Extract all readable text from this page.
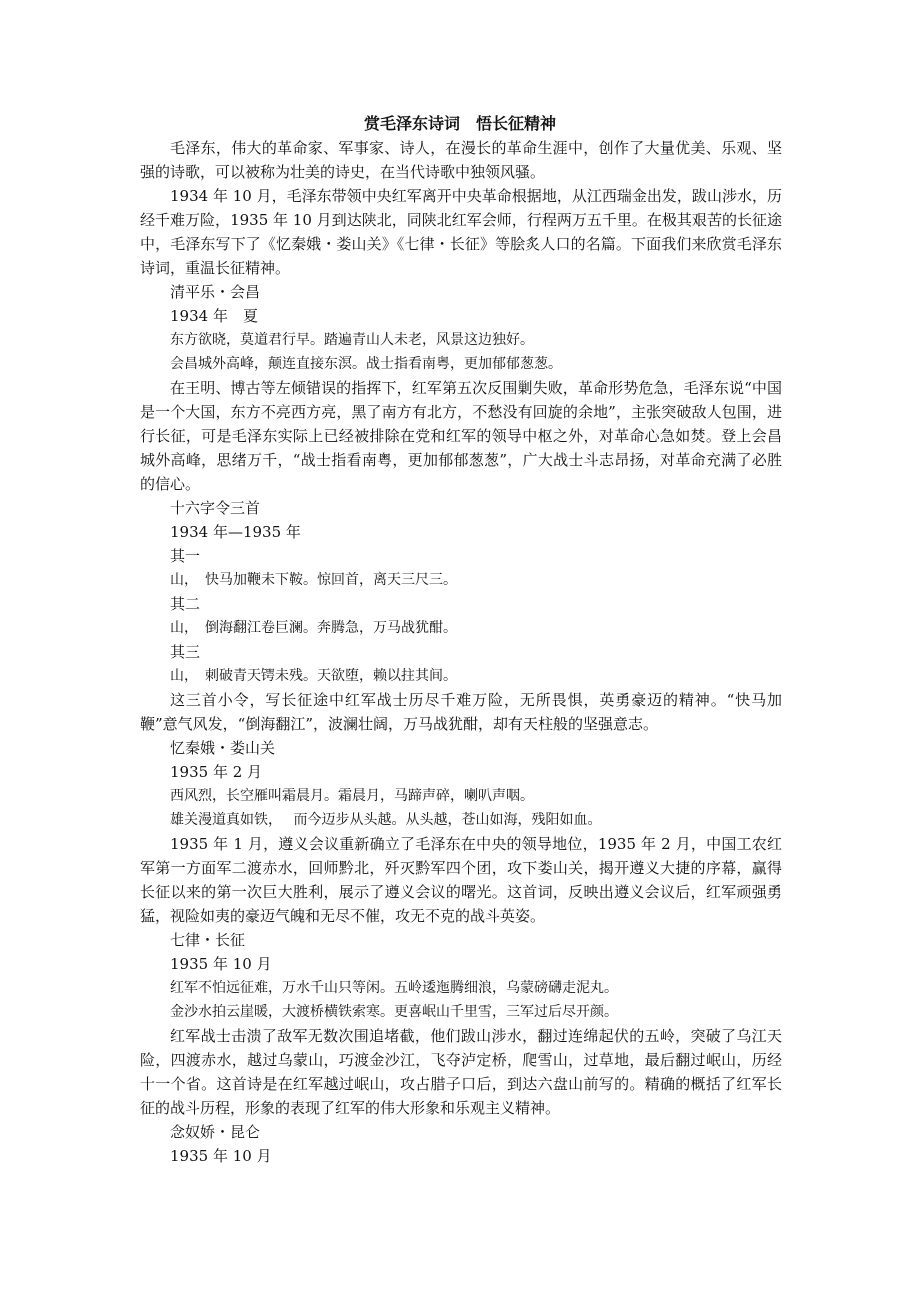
赏毛泽东诗词　悟长征精神

毛泽东，伟大的革命家、军事家、诗人，在漫长的革命生涯中，创作了大量优美、乐观、坚强的诗歌，可以被称为壮美的诗史，在当代诗歌中独领风骚。

1934 年 10 月，毛泽东带领中央红军离开中央革命根据地，从江西瑞金出发，跋山涉水，历经千难万险，1935 年 10 月到达陕北，同陕北红军会师，行程两万五千里。在极其艰苦的长征途中，毛泽东写下了《忆秦娥・娄山关》《七律・长征》等脍炙人口的名篇。下面我们来欣赏毛泽东诗词，重温长征精神。

清平乐・会昌

1934 年　夏

东方欲晓，莫道君行早。踏遍青山人未老，风景这边独好。

会昌城外高峰，颠连直接东溟。战士指看南粤，更加郁郁葱葱。

在王明、博古等左倾错误的指挥下，红军第五次反围剿失败，革命形势危急，毛泽东说“中国是一个大国，东方不亮西方亮，黑了南方有北方，不愁没有回旋的余地”，主张突破敌人包围，进行长征，可是毛泽东实际上已经被排除在党和红军的领导中枢之外，对革命心急如焚。登上会昌城外高峰，思绪万千，“战士指看南粤，更加郁郁葱葱”，广大战士斗志昂扬，对革命充满了必胜的信心。

十六字令三首

1934 年—1935 年

其一

山，　快马加鞭未下鞍。惊回首，离天三尺三。

其二

山，　倒海翻江卷巨澜。奔腾急，万马战犹酣。

其三

山，　刺破青天锷未残。天欲堕，赖以拄其间。

这三首小令，写长征途中红军战士历尽千难万险，无所畏惧，英勇豪迈的精神。“快马加鞭”意气风发，“倒海翻江”，波澜壮阔，万马战犹酣，却有天柱般的坚强意志。

忆秦娥・娄山关

1935 年 2 月

西风烈，长空雁叫霜晨月。霜晨月，马蹄声碎，喇叭声咽。

雄关漫道真如铁，　 而今迈步从头越。从头越，苍山如海，残阳如血。

1935 年 1 月，遵义会议重新确立了毛泽东在中央的领导地位，1935 年 2 月，中国工农红军第一方面军二渡赤水，回师黔北，歼灭黔军四个团，攻下娄山关，揭开遵义大捷的序幕，赢得长征以来的第一次巨大胜利，展示了遵义会议的曙光。这首词，反映出遵义会议后，红军顽强勇猛，视险如夷的豪迈气魄和无尽不催，攻无不克的战斗英姿。

七律・长征

1935 年 10 月

红军不怕远征难，万水千山只等闲。五岭逶迤腾细浪，乌蒙磅礴走泥丸。

金沙水拍云崖暖，大渡桥横铁索寒。更喜岷山千里雪，三军过后尽开颜。

红军战士击溃了敌军无数次围追堵截，他们跋山涉水，翻过连绵起伏的五岭，突破了乌江天险，四渡赤水，越过乌蒙山，巧渡金沙江，飞夺泸定桥，爬雪山，过草地，最后翻过岷山，历经十一个省。这首诗是在红军越过岷山，攻占腊子口后，到达六盘山前写的。精确的概括了红军长征的战斗历程，形象的表现了红军的伟大形象和乐观主义精神。

念奴娇・昆仑

1935 年 10 月
